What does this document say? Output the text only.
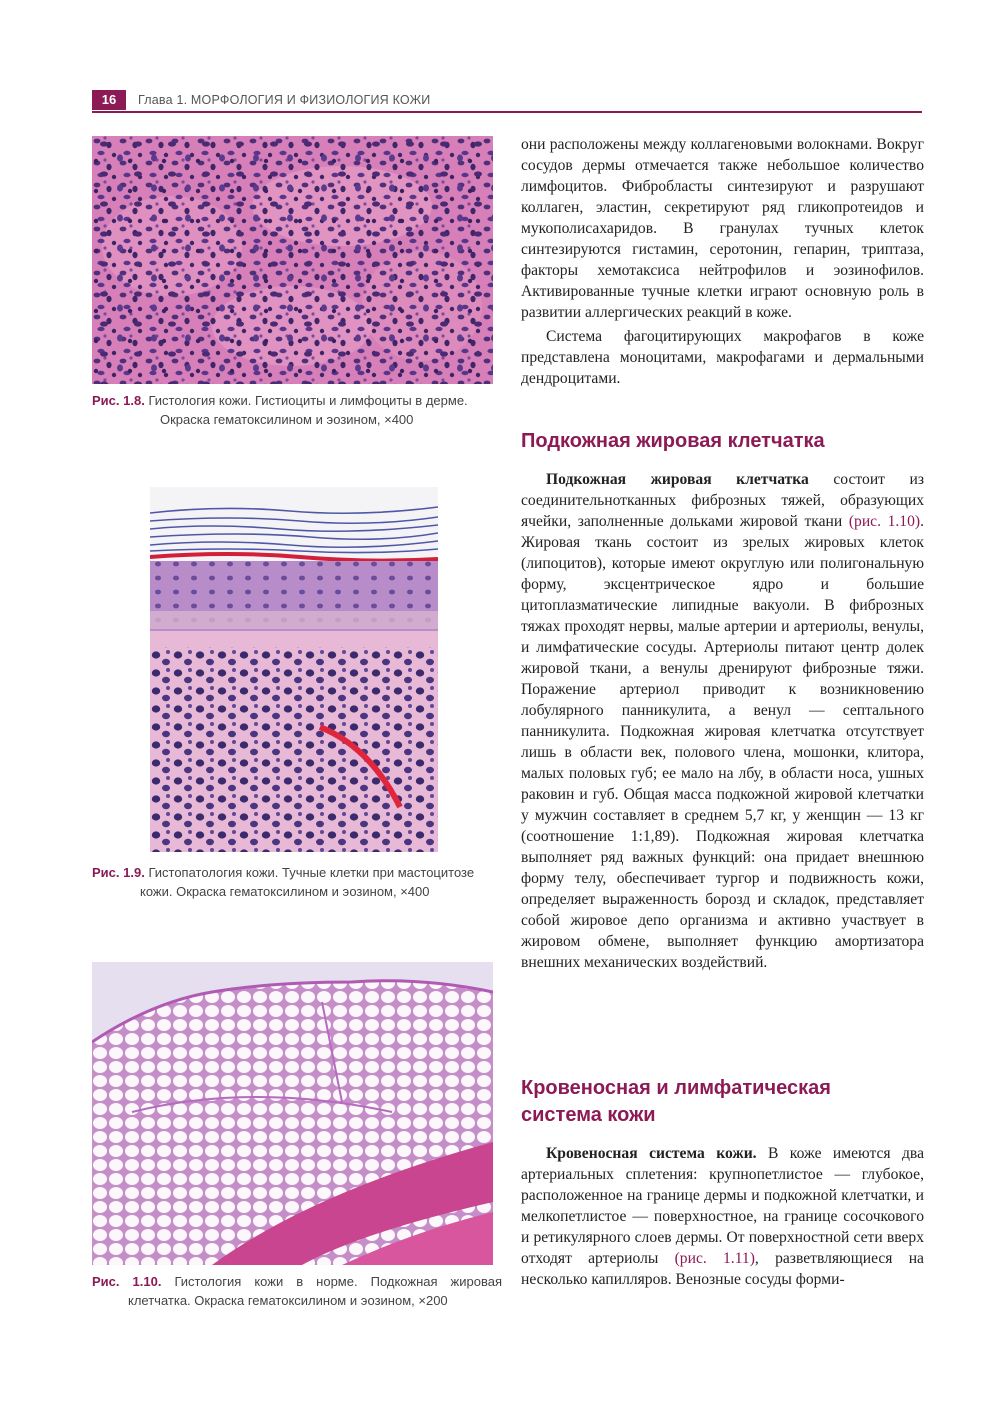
16	Глава 1. МОРФОЛОГИЯ И ФИЗИОЛОГИЯ КОЖИ
Рис. 1.8. Гистология кожи. Гистиоциты и лимфоциты в дерме.
Окраска гематоксилином и эозином, ×400
Рис. 1.9. Гистопатология кожи. Тучные клетки при мастоцитозе
кожи. Окраска гематоксилином и эозином, ×400
Рис. 1.10. Гистология кожи в норме. Подкожная жировая
клетчатка. Окраска гематоксилином и эозином, ×200

они расположены между коллагеновыми волокнами. Вокруг сосудов дермы отмечается также небольшое количество лимфоцитов. Фибробласты синтезируют и разрушают коллаген, эластин, секретируют ряд гликопротеидов и мукополисахаридов. В гранулах тучных клеток синтезируются гистамин, серотонин, гепарин, триптаза, факторы хемотаксиса нейтрофилов и эозинофилов. Активированные тучные клетки играют основную роль в развитии аллергических реакций в коже.

Система фагоцитирующих макрофагов в коже представлена моноцитами, макрофагами и дермальными дендроцитами.

Подкожная жировая клетчатка

Подкожная жировая клетчатка состоит из соединительнотканных фиброзных тяжей, образующих ячейки, заполненные дольками жировой ткани (рис. 1.10). Жировая ткань состоит из зрелых жировых клеток (липоцитов), которые имеют округлую или полигональную форму, эксцентрическое ядро и большие цитоплазматические липидные вакуоли. В фиброзных тяжах проходят нервы, малые артерии и артериолы, венулы, и лимфатические сосуды. Артериолы питают центр долек жировой ткани, а венулы дренируют фиброзные тяжи. Поражение артериол приводит к возникновению лобулярного панникулита, а венул — септального панникулита. Подкожная жировая клетчатка отсутствует лишь в области век, полового члена, мошонки, клитора, малых половых губ; ее мало на лбу, в области носа, ушных раковин и губ. Общая масса подкожной жировой клетчатки у мужчин составляет в среднем 5,7 кг, у женщин — 13 кг (соотношение 1:1,89). Подкожная жировая клетчатка выполняет ряд важных функций: она придает внешнюю форму телу, обеспечивает тургор и подвижность кожи, определяет выраженность борозд и складок, представляет собой жировое депо организма и активно участвует в жировом обмене, выполняет функцию амортизатора внешних механических воздействий.

Кровеносная и лимфатическая
система кожи

Кровеносная система кожи. В коже имеются два артериальных сплетения: крупнопетлистое — глубокое, расположенное на границе дермы и подкожной клетчатки, и мелкопетлистое — поверхностное, на границе сосочкового и ретикулярного слоев дермы. От поверхностной сети вверх отходят артериолы (рис. 1.11), разветвляющиеся на несколько капилляров. Венозные сосуды форми-
